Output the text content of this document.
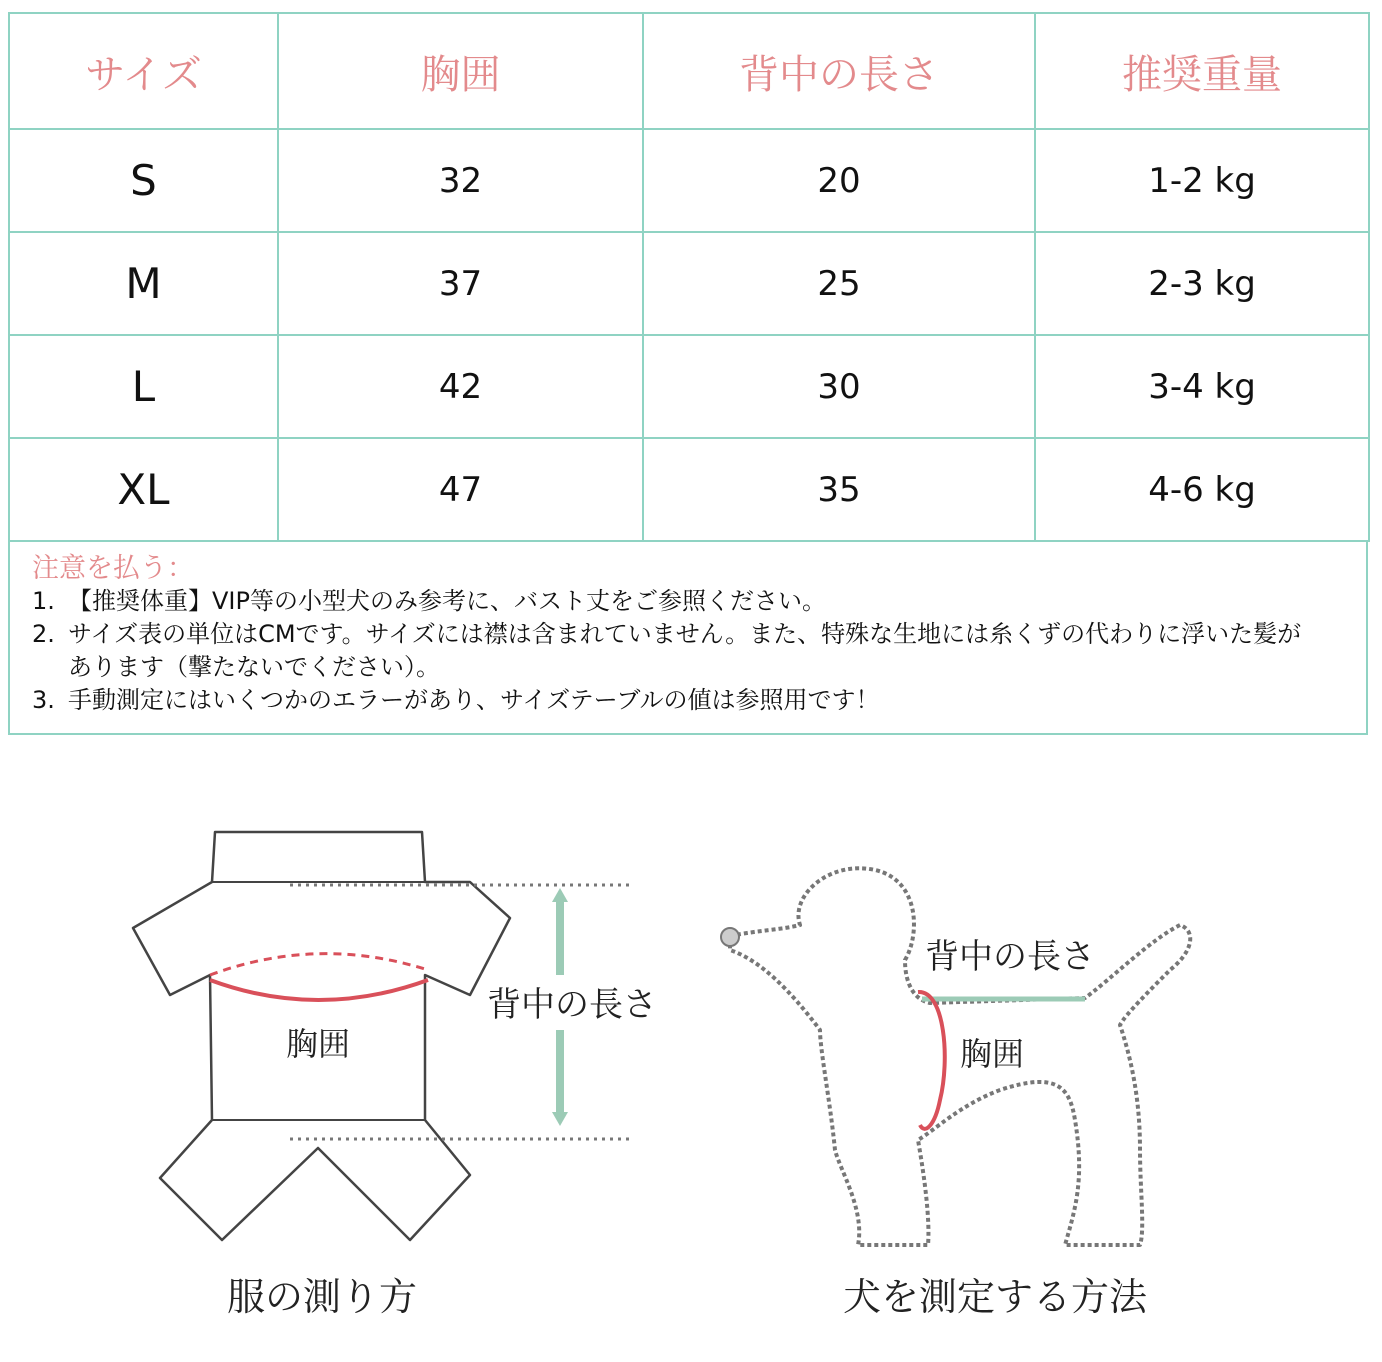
サイズ	胸囲	背中の長さ	推奨重量
S	32	20	1-2 kg
M	37	25	2-3 kg
L	42	30	3-4 kg
XL	47	35	4-6 kg
注意を払う：
1. 【推奨体重】VIP等の小型犬のみ参考に、バスト丈をご参照ください。
2. サイズ表の単位はCMです。サイズには襟は含まれていません。また、特殊な生地には糸くずの代わりに浮いた髪があります（撃たないでください）。
3. 手動測定にはいくつかのエラーがあり、サイズテーブルの値は参照用です！
胸囲
背中の長さ
服の測り方
背中の長さ
胸囲
犬を測定する方法
